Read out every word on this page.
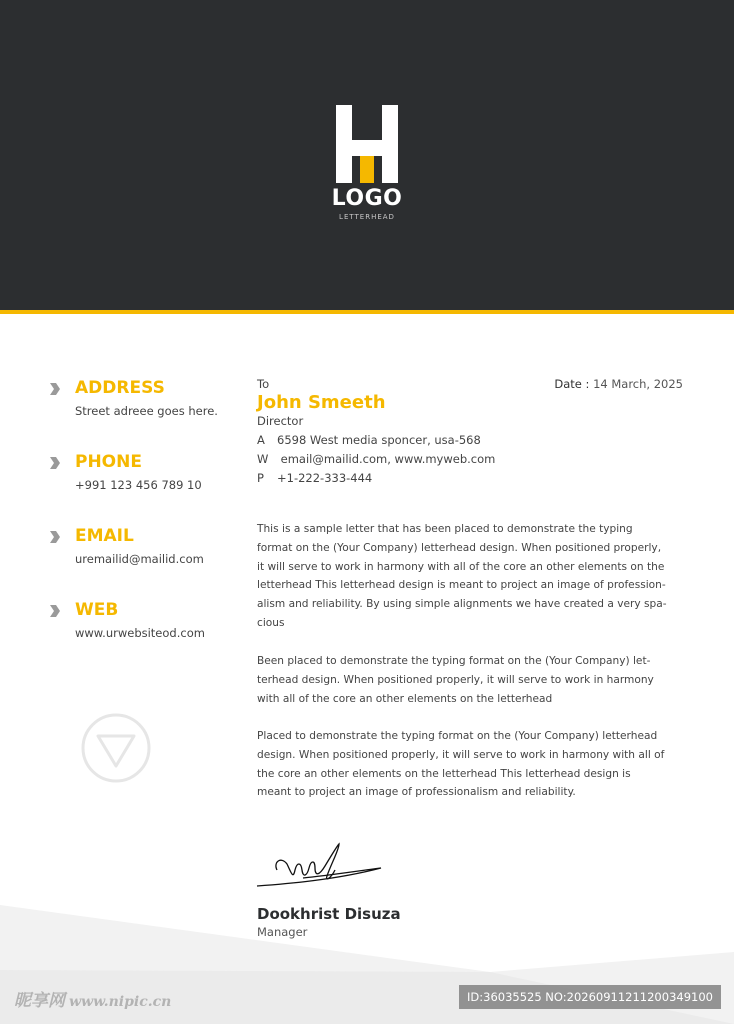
LOGO
LETTERHEAD
ADDRESS
Street adreee goes here.
PHONE
+991 123 456 789 10
EMAIL
uremailid@mailid.com
WEB
www.urwebsiteod.com
To
John Smeeth
Director
A 6598 West media sponcer, usa-568
W email@mailid.com, www.myweb.com
P +1-222-333-444
Date : 14 March, 2025

This is a sample letter that has been placed to demonstrate the typing format on the (Your Company) letterhead design. When positioned properly, it will serve to work in harmony with all of the core an other elements on the letterhead This letterhead design is meant to project an image of profession-alism and reliability. By using simple alignments we have created a very spa-cious

Been placed to demonstrate the typing format on the (Your Company) let-terhead design. When positioned properly, it will serve to work in harmony with all of the core an other elements on the letterhead

Placed to demonstrate the typing format on the (Your Company) letterhead design. When positioned properly, it will serve to work in harmony with all of the core an other elements on the letterhead This letterhead design is meant to project an image of professionalism and reliability.

Dookhrist Disuza
Manager
昵享网 www.nipic.cn	ID:36035525 NO:20260911211200349100
